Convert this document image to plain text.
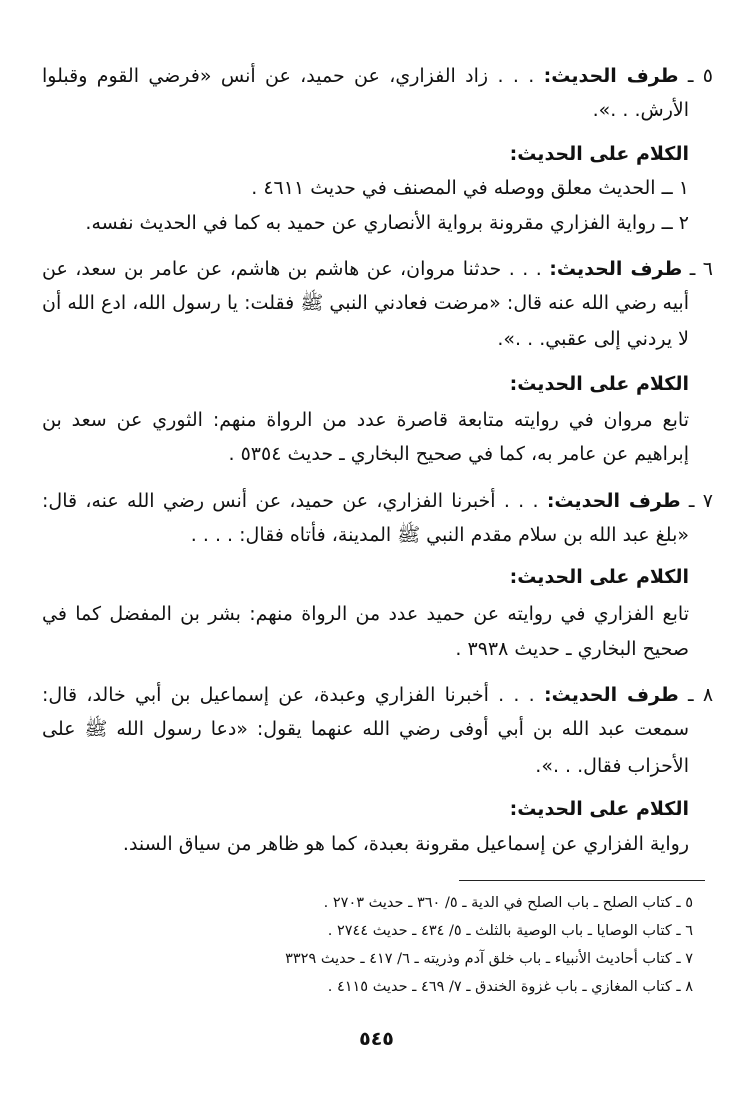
٥ ـ طرف الحديث: . . . زاد الفزاري، عن حميد، عن أنس «فرضي القوم وقبلوا
الأرش. . .».
الكلام على الحديث:
١ ــ الحديث معلق ووصله في المصنف في حديث ٤٦١١ .
٢ ــ رواية الفزاري مقرونة برواية الأنصاري عن حميد به كما في الحديث نفسه.
٦ ـ طرف الحديث: . . . حدثنا مروان، عن هاشم بن هاشم، عن عامر بن سعد، عن
أبيه رضي الله عنه قال: «مرضت فعادني النبي ﷺ فقلت: يا رسول الله، ادع الله أن
لا يردني إلى عقبي. . .».
الكلام على الحديث:
تابع مروان في روايته متابعة قاصرة عدد من الرواة منهم: الثوري عن سعد بن
إبراهيم عن عامر به، كما في صحيح البخاري ـ حديث ٥٣٥٤ .
٧ ـ طرف الحديث: . . . أخبرنا الفزاري، عن حميد، عن أنس رضي الله عنه، قال:
«بلغ عبد الله بن سلام مقدم النبي ﷺ المدينة، فأتاه فقال: . . . .
الكلام على الحديث:
تابع الفزاري في روايته عن حميد عدد من الرواة منهم: بشر بن المفضل كما في
صحيح البخاري ـ حديث ٣٩٣٨ .
٨ ـ طرف الحديث: . . . أخبرنا الفزاري وعبدة، عن إسماعيل بن أبي خالد، قال:
سمعت عبد الله بن أبي أوفى رضي الله عنهما يقول: «دعا رسول الله ﷺ على
الأحزاب فقال. . .».
الكلام على الحديث:
رواية الفزاري عن إسماعيل مقرونة بعبدة، كما هو ظاهر من سياق السند.
٥ ـ كتاب الصلح ـ باب الصلح في الدية ـ ٥/ ٣٦٠ ـ حديث ٢٧٠٣ .
٦ ـ كتاب الوصايا ـ باب الوصية بالثلث ـ ٥/ ٤٣٤ ـ حديث ٢٧٤٤ .
٧ ـ كتاب أحاديث الأنبياء ـ باب خلق آدم وذريته ـ ٦/ ٤١٧ ـ حديث ٣٣٢٩
٨ ـ كتاب المغازي ـ باب غزوة الخندق ـ ٧/ ٤٦٩ ـ حديث ٤١١٥ .
٥٤٥
